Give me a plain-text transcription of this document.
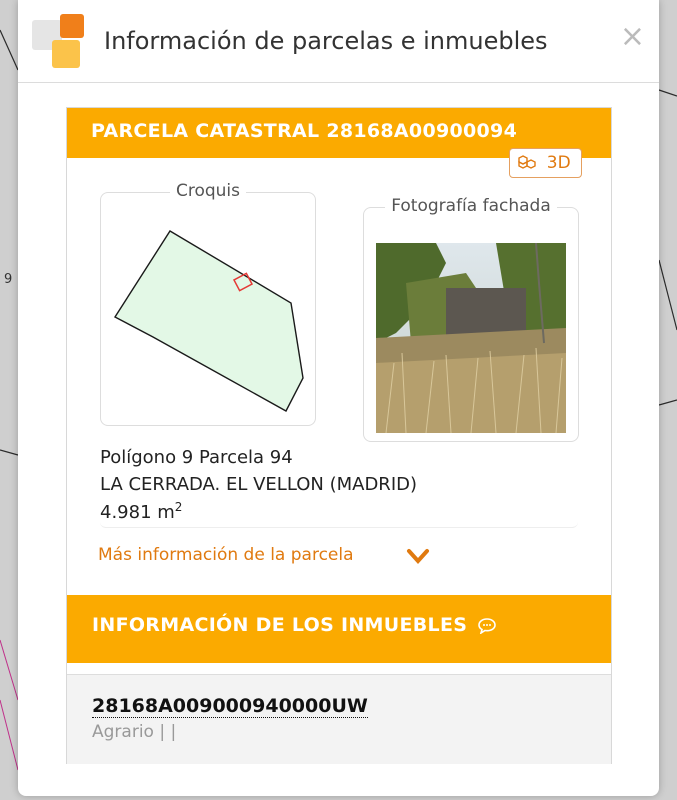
9
Información de parcelas e inmuebles ×
PARCELA CATASTRAL 28168A00900094
3D
Croquis
Fotografía fachada
Polígono 9 Parcela 94
LA CERRADA. EL VELLON (MADRID)
4.981 $m^2$
Más información de la parcela
INFORMACIÓN DE LOS INMUEBLES
28168A009000940000UW
Agrario | |
